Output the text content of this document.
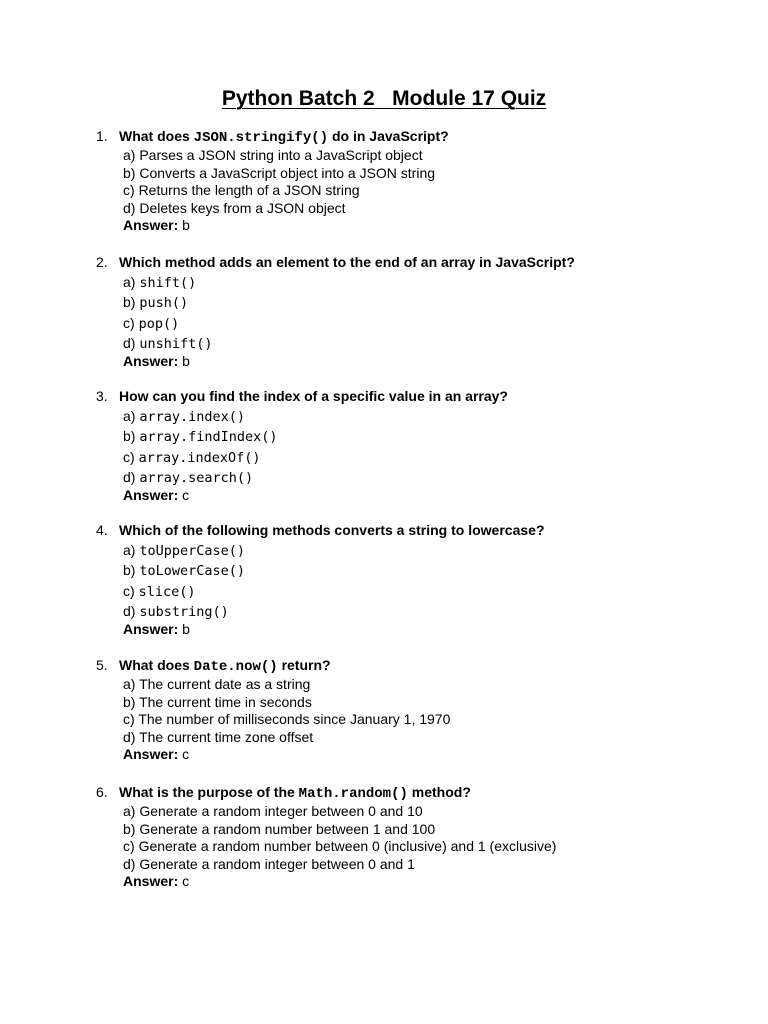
Python Batch 2   Module 17 Quiz
1. What does JSON.stringify() do in JavaScript?
a) Parses a JSON string into a JavaScript object
b) Converts a JavaScript object into a JSON string
c) Returns the length of a JSON string
d) Deletes keys from a JSON object
Answer: b
2. Which method adds an element to the end of an array in JavaScript?
a) shift()
b) push()
c) pop()
d) unshift()
Answer: b
3. How can you find the index of a specific value in an array?
a) array.index()
b) array.findIndex()
c) array.indexOf()
d) array.search()
Answer: c
4. Which of the following methods converts a string to lowercase?
a) toUpperCase()
b) toLowerCase()
c) slice()
d) substring()
Answer: b
5. What does Date.now() return?
a) The current date as a string
b) The current time in seconds
c) The number of milliseconds since January 1, 1970
d) The current time zone offset
Answer: c
6. What is the purpose of the Math.random() method?
a) Generate a random integer between 0 and 10
b) Generate a random number between 1 and 100
c) Generate a random number between 0 (inclusive) and 1 (exclusive)
d) Generate a random integer between 0 and 1
Answer: c
